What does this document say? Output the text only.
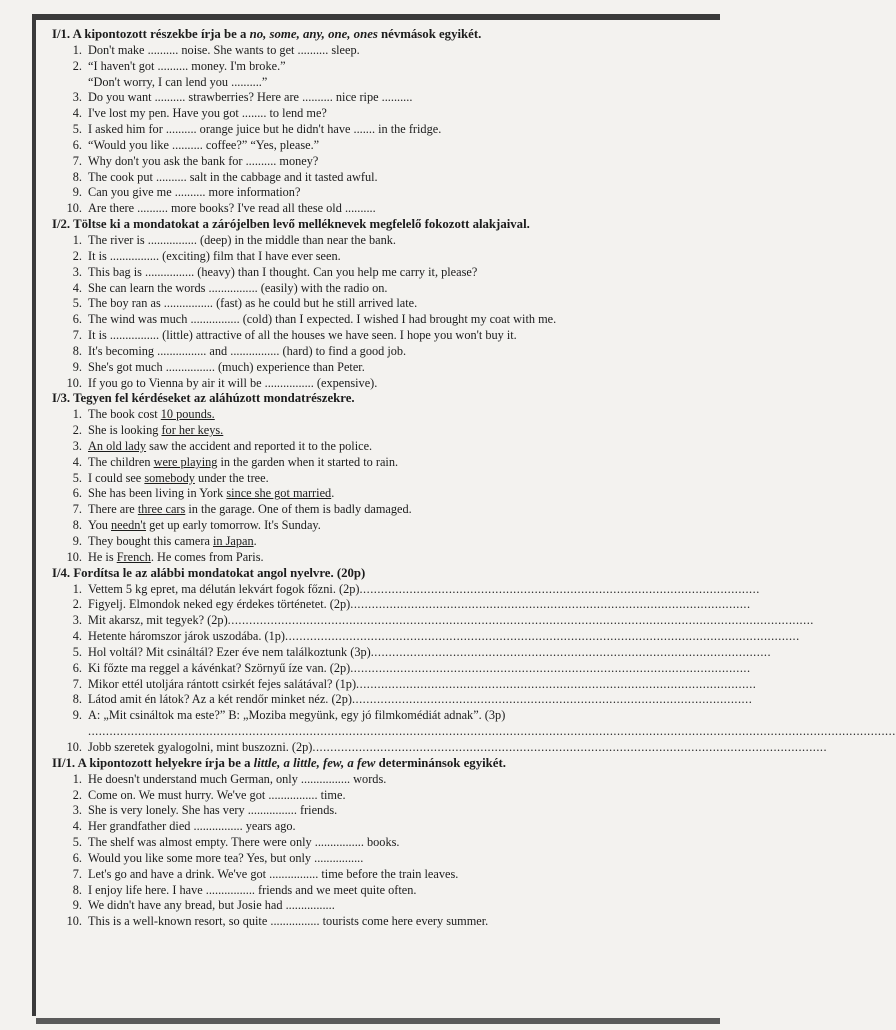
I/1. A kipontozott részekbe írja be a no, some, any, one, ones névmások egyikét.
1. Don't make .......... noise. She wants to get .......... sleep.
2. “I haven't got .......... money. I'm broke.”
“Don't worry, I can lend you ..........”
3. Do you want .......... strawberries? Here are .......... nice ripe ..........
4. I've lost my pen. Have you got ........ to lend me?
5. I asked him for .......... orange juice but he didn't have ....... in the fridge.
6. “Would you like .......... coffee?” “Yes, please.”
7. Why don't you ask the bank for .......... money?
8. The cook put .......... salt in the cabbage and it tasted awful.
9. Can you give me .......... more information?
10. Are there .......... more books? I've read all these old ..........
I/2. Töltse ki a mondatokat a zárójelben levő melléknevek megfelelő fokozott alakjaival.
1. The river is ................ (deep) in the middle than near the bank.
2. It is ................ (exciting) film that I have ever seen.
3. This bag is ................ (heavy) than I thought. Can you help me carry it, please?
4. She can learn the words ................ (easily) with the radio on.
5. The boy ran as ................ (fast) as he could but he still arrived late.
6. The wind was much ................ (cold) than I expected. I wished I had brought my coat with me.
7. It is ................ (little) attractive of all the houses we have seen. I hope you won't buy it.
8. It's becoming ................ and ................ (hard) to find a good job.
9. She's got much ................ (much) experience than Peter.
10. If you go to Vienna by air it will be ................ (expensive).
I/3. Tegyen fel kérdéseket az aláhúzott mondatrészekre.
1. The book cost 10 pounds.
2. She is looking for her keys.
3. An old lady saw the accident and reported it to the police.
4. The children were playing in the garden when it started to rain.
5. I could see somebody under the tree.
6. She has been living in York since she got married.
7. There are three cars in the garage. One of them is badly damaged.
8. You needn't get up early tomorrow. It's Sunday.
9. They bought this camera in Japan.
10. He is French. He comes from Paris.
I/4. Fordítsa le az alábbi mondatokat angol nyelvre. (20p)
1. Vettem 5 kg epret, ma délután lekvárt fogok főzni. (2p) ................................................................................................................
2. Figyelj. Elmondok neked egy érdekes történetet. (2p) ................................................................................................................
3. Mit akarsz, mit tegyek? (2p) ....................................................................................................................................................................
4. Hetente háromszor járok uszodába. (1p) ................................................................................................................................................
5. Hol voltál? Mit csináltál? Ezer éve nem találkoztunk (3p) ................................................................................................................
6. Ki főzte ma reggel a kávénkat? Szörnyű íze van. (2p) ................................................................................................................
7. Mikor ettél utoljára rántott csirkét fejes salátával? (1p) ................................................................................................................
8. Látod amit én látok? Az a két rendőr minket néz. (2p) ................................................................................................................
9. A: „Mit csináltok ma este?” B: „Moziba megyünk, egy jó filmkomédiát adnak”. (3p)
..................................................................................................................................................................................................................................
10. Jobb szeretek gyalogolni, mint buszozni. (2p) ................................................................................................................................................
II/1. A kipontozott helyekre írja be a little, a little, few, a few determinánsok egyikét.
1. He doesn't understand much German, only ................ words.
2. Come on. We must hurry. We've got ................ time.
3. She is very lonely. She has very ................ friends.
4. Her grandfather died ................ years ago.
5. The shelf was almost empty. There were only ................ books.
6. Would you like some more tea? Yes, but only ................
7. Let's go and have a drink. We've got ................ time before the train leaves.
8. I enjoy life here. I have ................ friends and we meet quite often.
9. We didn't have any bread, but Josie had ................
10. This is a well-known resort, so quite ................ tourists come here every summer.
